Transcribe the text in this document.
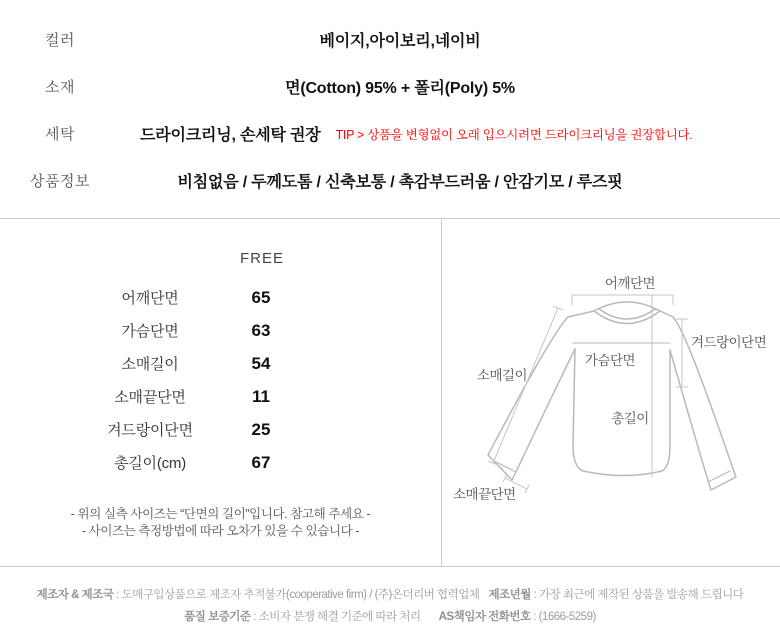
컬러	베이지,아이보리,네이비
소재	면(Cotton) 95% + 폴리(Poly) 5%
세탁	드라이크리닝, 손세탁 권장 TIP > 상품을 변형없이 오래 입으시려면 드라이크리닝을 권장합니다.
상품정보	비침없음 / 두께도톰 / 신축보통 / 촉감부드러움 / 안감기모 / 루즈핏
FREE
어깨단면	65
가슴단면	63
소매길이	54
소매끝단면	11
겨드랑이단면	25
총길이(cm)	67
- 위의 실측 사이즈는 “단면의 길이”입니다. 참고해 주세요 -
- 사이즈는 측정방법에 따라 오차가 있을 수 있습니다 -
어깨단면
겨드랑이단면
가슴단면
소매길이
총길이
소매끝단면
제조자 & 제조국 : 도매구입상품으로 제조자 추적불가(cooperative firm) / (주)온더리버 협력업체 제조년월 : 가장 최근에 제작된 상품을 발송해 드립니다
품질 보증기준 : 소비자 분쟁 해결 기준에 따라 처리 AS책임자 전화번호 : (1666-5259)
